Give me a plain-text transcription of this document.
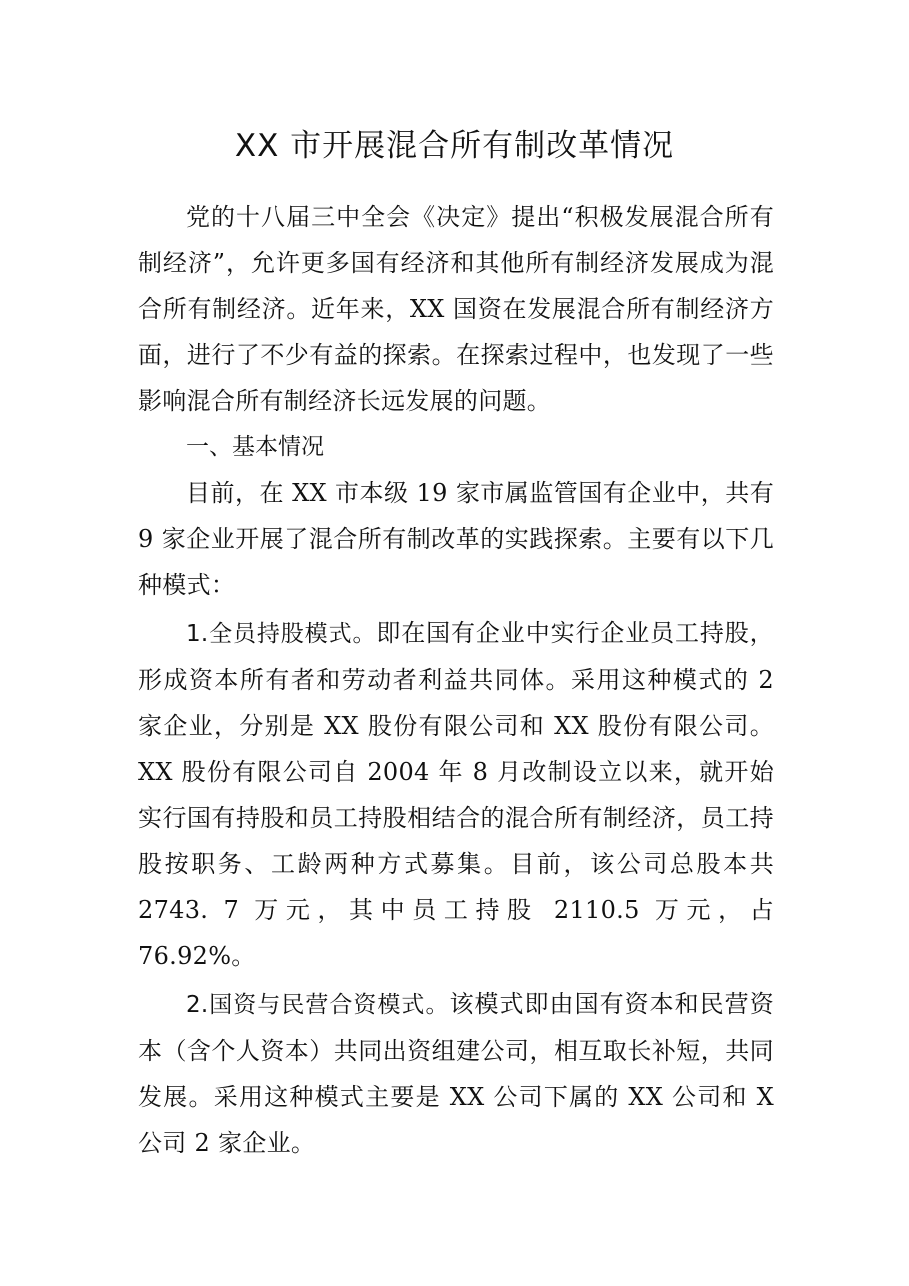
XX 市开展混合所有制改革情况

党的十八届三中全会《决定》提出“积极发展混合所有制经济”，允许更多国有经济和其他所有制经济发展成为混合所有制经济。近年来，XX 国资在发展混合所有制经济方面，进行了不少有益的探索。在探索过程中，也发现了一些影响混合所有制经济长远发展的问题。

一、基本情况

目前，在 XX 市本级 19 家市属监管国有企业中，共有 9 家企业开展了混合所有制改革的实践探索。主要有以下几种模式：

1.全员持股模式。即在国有企业中实行企业员工持股，形成资本所有者和劳动者利益共同体。采用这种模式的 2 家企业，分别是 XX 股份有限公司和 XX 股份有限公司。XX 股份有限公司自 2004 年 8 月改制设立以来，就开始实行国有持股和员工持股相结合的混合所有制经济，员工持股按职务、工龄两种方式募集。目前，该公司总股本共 2743. 7 万元，其中员工持股 2110.5 万元，占 76.92%。

2.国资与民营合资模式。该模式即由国有资本和民营资本（含个人资本）共同出资组建公司，相互取长补短，共同发展。采用这种模式主要是 XX 公司下属的 XX 公司和 X 公司 2 家企业。
